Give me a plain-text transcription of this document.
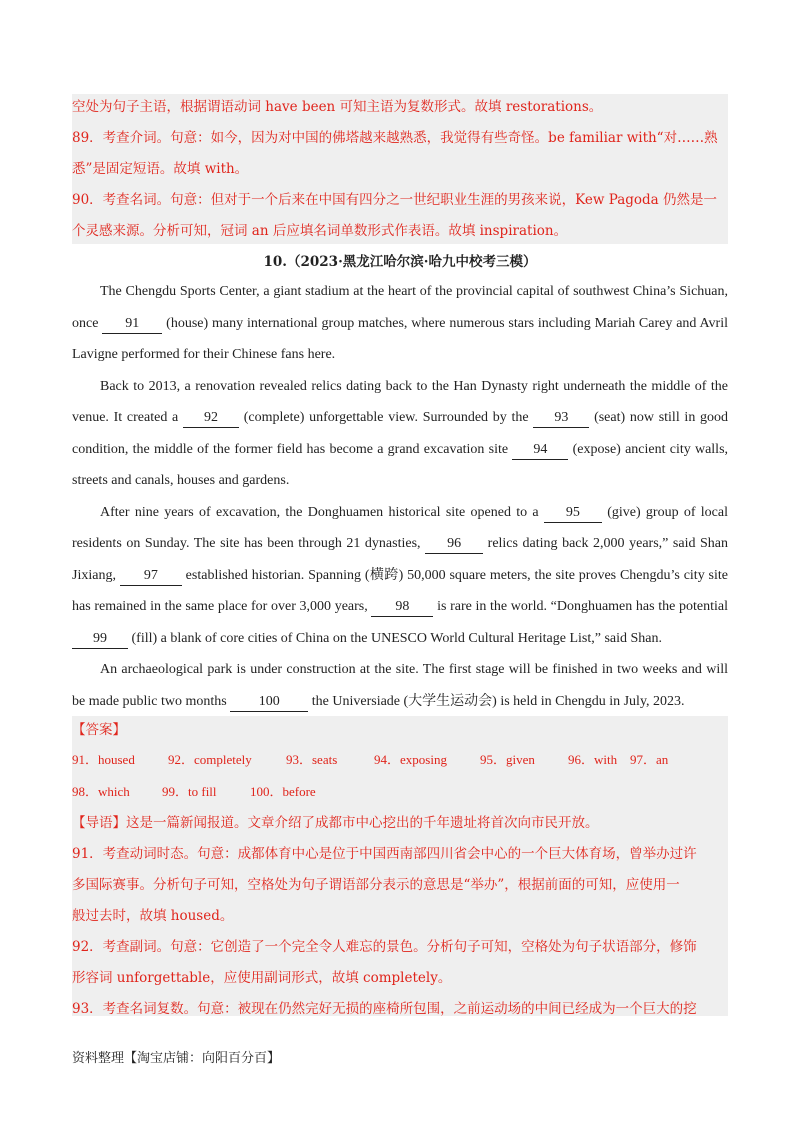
空处为句子主语，根据谓语动词 have been 可知主语为复数形式。故填 restorations。
89．考查介词。句意：如今，因为对中国的佛塔越来越熟悉，我觉得有些奇怪。be familiar with“对……熟
悉”是固定短语。故填 with。
90．考查名词。句意：但对于一个后来在中国有四分之一世纪职业生涯的男孩来说，Kew Pagoda 仍然是一
个灵感来源。分析可知，冠词 an 后应填名词单数形式作表语。故填 inspiration。
10.（2023·黑龙江哈尔滨·哈九中校考三模）
The Chengdu Sports Center, a giant stadium at the heart of the provincial capital of southwest China’s Sichuan, once 91 (house) many international group matches, where numerous stars including Mariah Carey and Avril Lavigne performed for their Chinese fans here.
Back to 2013, a renovation revealed relics dating back to the Han Dynasty right underneath the middle of the venue. It created a 92 (complete) unforgettable view. Surrounded by the 93 (seat) now still in good condition, the middle of the former field has become a grand excavation site 94 (expose) ancient city walls, streets and canals, houses and gardens.
After nine years of excavation, the Donghuamen historical site opened to a 95 (give) group of local residents on Sunday. The site has been through 21 dynasties, 96 relics dating back 2,000 years,” said Shan Jixiang, 97 established historian. Spanning (横跨) 50,000 square meters, the site proves Chengdu’s city site has remained in the same place for over 3,000 years, 98 is rare in the world. “Donghuamen has the potential 99 (fill) a blank of core cities of China on the UNESCO World Cultural Heritage List,” said Shan.
An archaeological park is under construction at the site. The first stage will be finished in two weeks and will be made public two months 100 the Universiade (大学生运动会) is held in Chengdu in July, 2023.
【答案】
91．housed	92．completely	93．seats	94．exposing	95．given	96．with 97．an
98．which 99．to fill	100．before
【导语】这是一篇新闻报道。文章介绍了成都市中心挖出的千年遗址将首次向市民开放。
91．考查动词时态。句意：成都体育中心是位于中国西南部四川省会中心的一个巨大体育场，曾举办过许
多国际赛事。分析句子可知，空格处为句子谓语部分表示的意思是“举办”，根据前面的可知，应使用一
般过去时，故填 housed。
92．考查副词。句意：它创造了一个完全令人难忘的景色。分析句子可知，空格处为句子状语部分，修饰
形容词 unforgettable，应使用副词形式，故填 completely。
93．考查名词复数。句意：被现在仍然完好无损的座椅所包围，之前运动场的中间已经成为一个巨大的挖
资料整理【淘宝店铺：向阳百分百】
